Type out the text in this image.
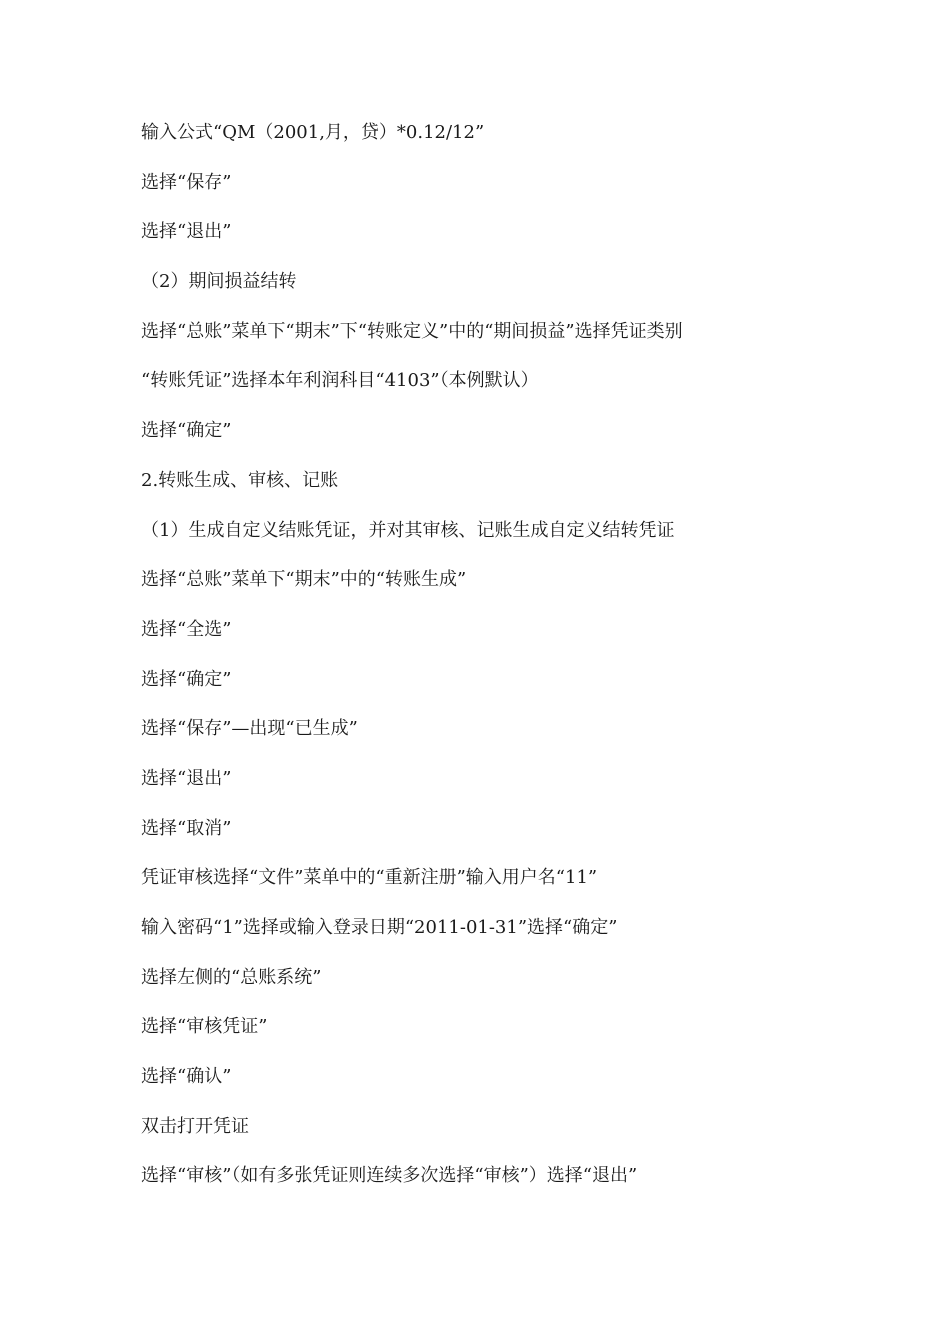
输入公式“QM（2001,月，贷）*0.12/12”
选择“保存”
选择“退出”
（2）期间损益结转
选择“总账”菜单下“期末”下“转账定义”中的“期间损益”选择凭证类别
“转账凭证”选择本年利润科目“4103”（本例默认）
选择“确定”
2.转账生成、审核、记账
（1）生成自定义结账凭证，并对其审核、记账生成自定义结转凭证
选择“总账”菜单下“期末”中的“转账生成”
选择“全选”
选择“确定”
选择“保存”—出现“已生成”
选择“退出”
选择“取消”
凭证审核选择“文件”菜单中的“重新注册”输入用户名“11”
输入密码“1”选择或输入登录日期“2011-01-31”选择“确定”
选择左侧的“总账系统”
选择“审核凭证”
选择“确认”
双击打开凭证
选择“审核”（如有多张凭证则连续多次选择“审核”）选择“退出”
